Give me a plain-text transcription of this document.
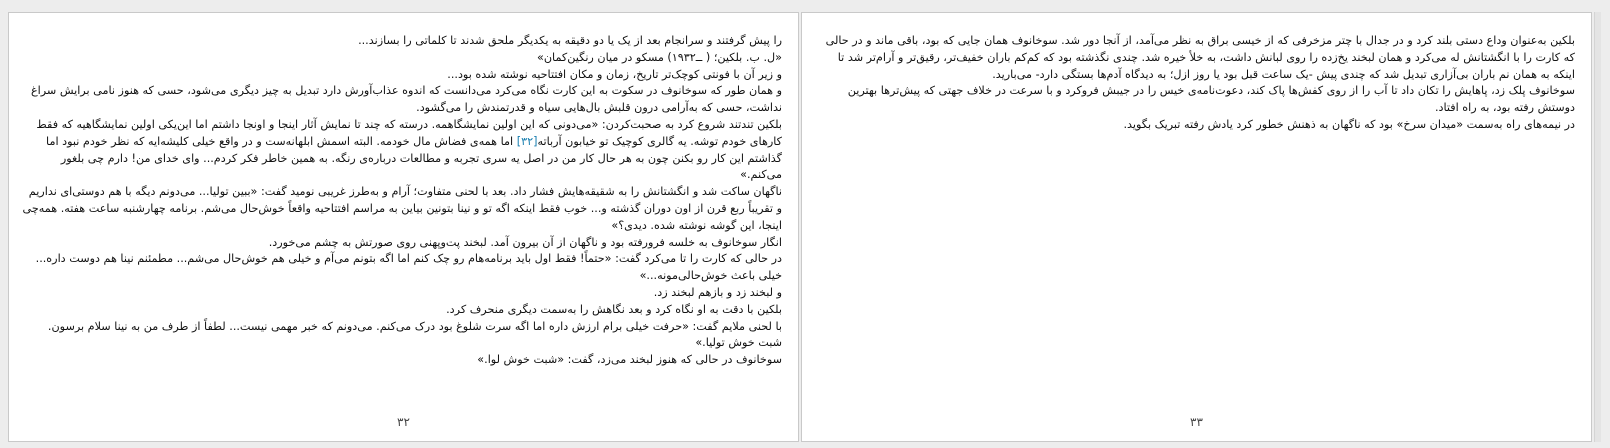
را پیش گرفتند و سرانجام بعد از یک یا دو دقیقه به یکدیگر ملحق شدند تا کلماتی را بسازند...

«ل. ب. بلکین؛ ( ــ۱۹۳۲) مسکو در میان رنگین‌کمان»

و زیر آن با فونتی کوچک‌تر تاریخ، زمان و مکان افتتاحیه نوشته شده بود...

و همان طور که سوخانوف در سکوت به این کارت نگاه می‌کرد می‌دانست که اندوه عذاب‌آورش دارد تبدیل به چیز دیگری می‌شود، حسی که هنوز نامی برایش سراغ نداشت، حسی که به‌آرامی درون قلبش بال‌هایی سیاه و قدرتمندش را می‌گشود.

بلکین تندتند شروع کرد به صحبت‌کردن: «می‌دونی که این اولین نمایشگاهمه. درسته که چند تا نمایش آثار اینجا و اونجا داشتم اما این‌یکی اولین نمایشگاهیه که فقط کارهای خودم توشه. یه گالری کوچیک تو خیابون آرباته[۳۲] اما همه‌ی فضاش مال خودمه. البته اسمش ابلهانه‌ست و در واقع خیلی کلیشه‌ایه که نظر خودم نبود اما گذاشتم این کار رو بکنن چون به هر حال کار من در اصل یه سری تجربه و مطالعات درباره‌ی رنگه. به همین خاطر فکر کردم... وای خدای من! دارم چی بلغور می‌کنم.»

ناگهان ساکت شد و انگشتانش را به شقیقه‌هایش فشار داد. بعد با لحنی متفاوت؛ آرام و به‌طرز غریبی نومید گفت: «ببین تولیا... می‌دونم دیگه با هم دوستی‌ای نداریم و تقریباً ربع قرن از اون دوران گذشته و... خوب فقط اینکه اگه تو و نینا بتونین بیاین به مراسم افتتاحیه واقعاً خوش‌حال می‌شم. برنامه چهارشنبه ساعت هفته. همه‌چی اینجا، این گوشه نوشته شده. دیدی؟»

انگار سوخانوف به خلسه فرورفته بود و ناگهان از آن بیرون آمد. لبخند پت‌وپهنی روی صورتش به چشم می‌خورد.

در حالی که کارت را تا می‌کرد گفت: «حتماً! فقط اول باید برنامه‌هام رو چک کنم اما اگه بتونم می‌آم و خیلی هم خوش‌حال می‌شم... مطمئنم نینا هم دوست داره... خیلی باعث خوش‌حالی‌مونه...»

و لبخند زد و بازهم لبخند زد.

بلکین با دقت به او نگاه کرد و بعد نگاهش را به‌سمت دیگری منحرف کرد.

با لحنی ملایم گفت: «حرفت خیلی برام ارزش داره اما اگه سرت شلوغ بود درک می‌کنم. می‌دونم که خبر مهمی نیست... لطفاً از طرف من به نینا سلام برسون. شبت خوش تولیا.»

سوخانوف در حالی که هنوز لبخند می‌زد، گفت: «شبت خوش لوا.»

۳۲

بلکین به‌عنوان وداع دستی بلند کرد و در جدال با چتر مزخرفی که از خیسی براق به نظر می‌آمد، از آنجا دور شد. سوخانوف همان جایی که بود، باقی ماند و در حالی که کارت را با انگشتانش له می‌کرد و همان لبخند یخ‌زده را روی لبانش داشت، به خلأ خیره شد. چندی نگذشته بود که کم‌کم باران خفیف‌تر، رقیق‌تر و آرام‌تر شد تا اینکه به همان نم باران بی‌آزاری تبدیل شد که چندی پیش -یک ساعت قبل بود یا روز ازل؛ به دیدگاه آدم‌ها بستگی دارد- می‌بارید.

سوخانوف پلک زد، پاهایش را تکان داد تا آب را از روی کفش‌ها پاک کند، دعوت‌نامه‌ی خیس را در جیبش فروکرد و با سرعت در خلاف جهتی که پیش‌ترها بهترین دوستش رفته بود، به راه افتاد.

در نیمه‌های راه به‌سمت «میدان سرخ» بود که ناگهان به ذهنش خطور کرد یادش رفته تبریک بگوید.

۳۳
